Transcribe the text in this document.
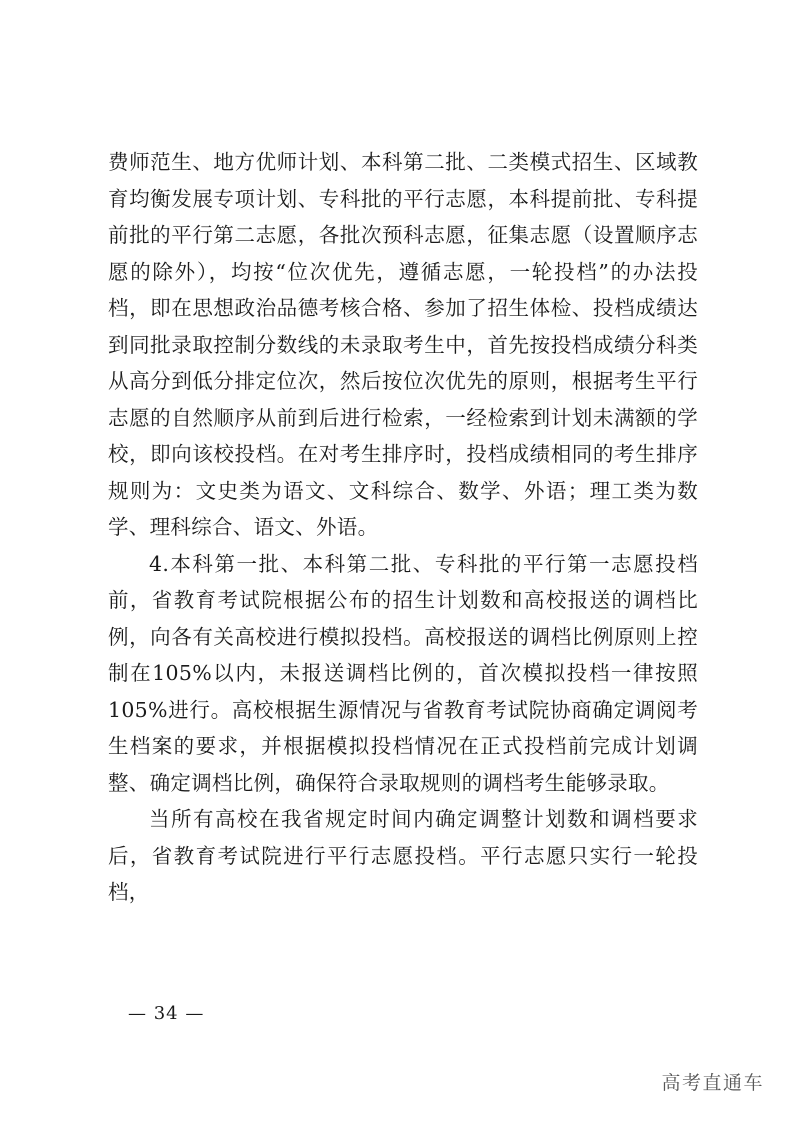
费师范生、地方优师计划、本科第二批、二类模式招生、区域教育均衡发展专项计划、专科批的平行志愿，本科提前批、专科提前批的平行第二志愿，各批次预科志愿，征集志愿（设置顺序志愿的除外），均按“位次优先，遵循志愿，一轮投档”的办法投档，即在思想政治品德考核合格、参加了招生体检、投档成绩达到同批录取控制分数线的未录取考生中，首先按投档成绩分科类从高分到低分排定位次，然后按位次优先的原则，根据考生平行志愿的自然顺序从前到后进行检索，一经检索到计划未满额的学校，即向该校投档。在对考生排序时，投档成绩相同的考生排序规则为：文史类为语文、文科综合、数学、外语；理工类为数学、理科综合、语文、外语。

4.本科第一批、本科第二批、专科批的平行第一志愿投档前，省教育考试院根据公布的招生计划数和高校报送的调档比例，向各有关高校进行模拟投档。高校报送的调档比例原则上控制在105%以内，未报送调档比例的，首次模拟投档一律按照105%进行。高校根据生源情况与省教育考试院协商确定调阅考生档案的要求，并根据模拟投档情况在正式投档前完成计划调整、确定调档比例，确保符合录取规则的调档考生能够录取。

当所有高校在我省规定时间内确定调整计划数和调档要求后，省教育考试院进行平行志愿投档。平行志愿只实行一轮投档，

— 34 —
高考直通车
